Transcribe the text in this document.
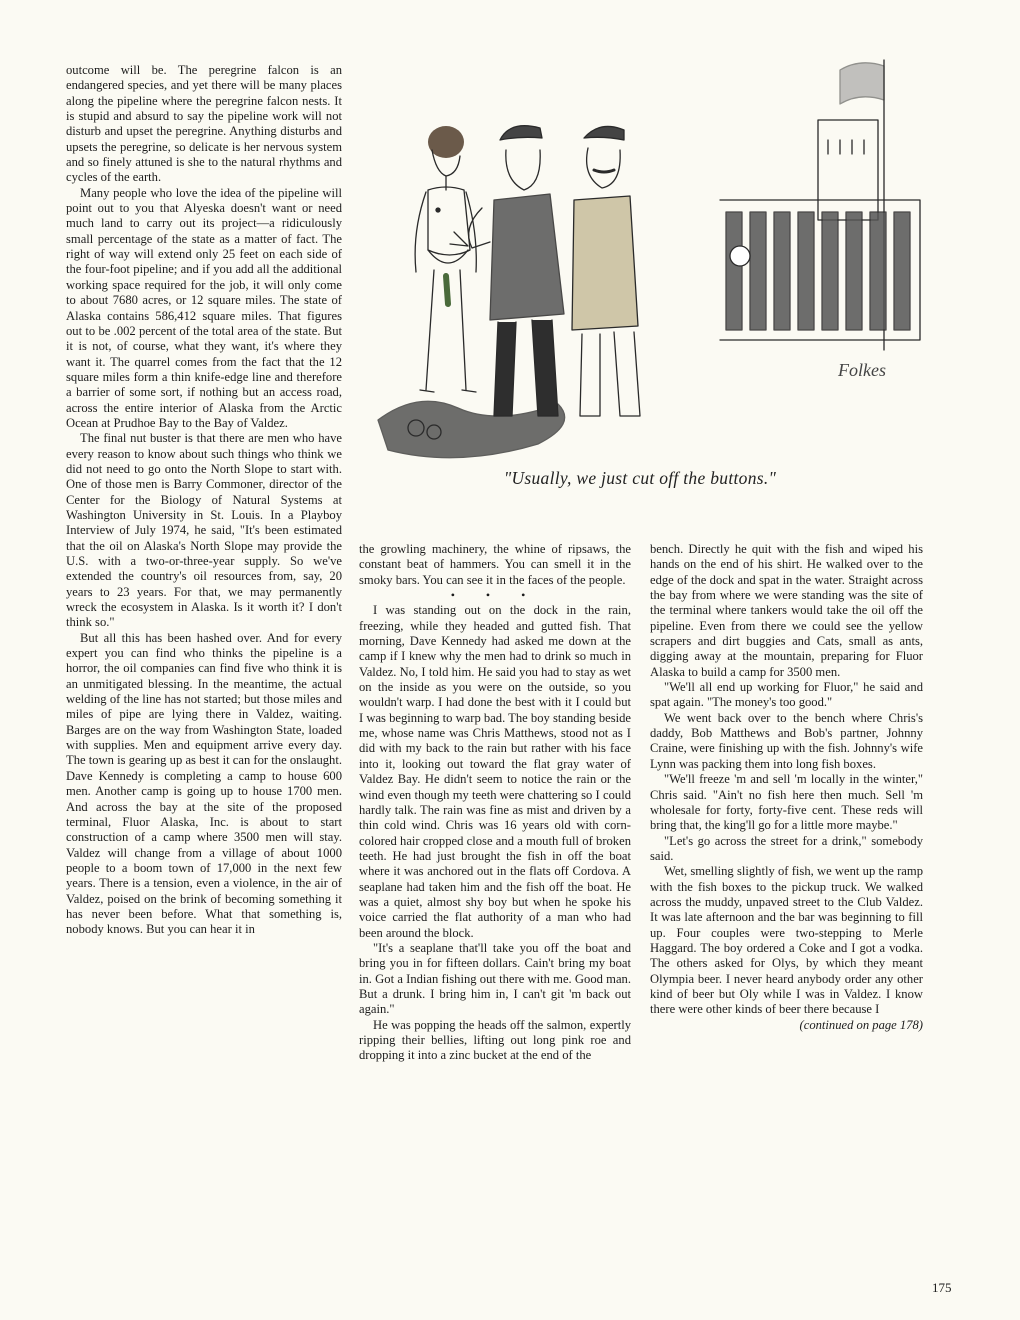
outcome will be. The peregrine falcon is an endangered species, and yet there will be many places along the pipeline where the peregrine falcon nests. It is stupid and absurd to say the pipeline work will not disturb and upset the peregrine. Anything disturbs and upsets the peregrine, so delicate is her nervous system and so finely attuned is she to the natural rhythms and cycles of the earth.

Many people who love the idea of the pipeline will point out to you that Alyeska doesn't want or need much land to carry out its project—a ridiculously small percentage of the state as a matter of fact. The right of way will extend only 25 feet on each side of the four-foot pipeline; and if you add all the additional working space required for the job, it will only come to about 7680 acres, or 12 square miles. The state of Alaska contains 586,412 square miles. That figures out to be .002 percent of the total area of the state. But it is not, of course, what they want, it's where they want it. The quarrel comes from the fact that the 12 square miles form a thin knife-edge line and therefore a barrier of some sort, if nothing but an access road, across the entire interior of Alaska from the Arctic Ocean at Prudhoe Bay to the Bay of Valdez.

The final nut buster is that there are men who have every reason to know about such things who think we did not need to go onto the North Slope to start with. One of those men is Barry Commoner, director of the Center for the Biology of Natural Systems at Washington University in St. Louis. In a Playboy Interview of July 1974, he said, "It's been estimated that the oil on Alaska's North Slope may provide the U.S. with a two-or-three-year supply. So we've extended the country's oil resources from, say, 20 years to 23 years. For that, we may permanently wreck the ecosystem in Alaska. Is it worth it? I don't think so."

But all this has been hashed over. And for every expert you can find who thinks the pipeline is a horror, the oil companies can find five who think it is an unmitigated blessing. In the meantime, the actual welding of the line has not started; but those miles and miles of pipe are lying there in Valdez, waiting. Barges are on the way from Washington State, loaded with supplies. Men and equipment arrive every day. The town is gearing up as best it can for the onslaught. Dave Kennedy is completing a camp to house 600 men. Another camp is going up to house 1700 men. And across the bay at the site of the proposed terminal, Fluor Alaska, Inc. is about to start construction of a camp where 3500 men will stay. Valdez will change from a village of about 1000 people to a boom town of 17,000 in the next few years. There is a tension, even a violence, in the air of Valdez, poised on the brink of becoming something it has never been before. What that something is, nobody knows. But you can hear it in

Folkes
"Usually, we just cut off the buttons."

the growling machinery, the whine of ripsaws, the constant beat of hammers. You can smell it in the smoky bars. You can see it in the faces of the people.

• • •

I was standing out on the dock in the rain, freezing, while they headed and gutted fish. That morning, Dave Kennedy had asked me down at the camp if I knew why the men had to drink so much in Valdez. No, I told him. He said you had to stay as wet on the inside as you were on the outside, so you wouldn't warp. I had done the best with it I could but I was beginning to warp bad. The boy standing beside me, whose name was Chris Matthews, stood not as I did with my back to the rain but rather with his face into it, looking out toward the flat gray water of Valdez Bay. He didn't seem to notice the rain or the wind even though my teeth were chattering so I could hardly talk. The rain was fine as mist and driven by a thin cold wind. Chris was 16 years old with corn-colored hair cropped close and a mouth full of broken teeth. He had just brought the fish in off the boat where it was anchored out in the flats off Cordova. A seaplane had taken him and the fish off the boat. He was a quiet, almost shy boy but when he spoke his voice carried the flat authority of a man who had been around the block.

"It's a seaplane that'll take you off the boat and bring you in for fifteen dollars. Cain't bring my boat in. Got a Indian fishing out there with me. Good man. But a drunk. I bring him in, I can't git 'm back out again."

He was popping the heads off the salmon, expertly ripping their bellies, lifting out long pink roe and dropping it into a zinc bucket at the end of the

bench. Directly he quit with the fish and wiped his hands on the end of his shirt. He walked over to the edge of the dock and spat in the water. Straight across the bay from where we were standing was the site of the terminal where tankers would take the oil off the pipeline. Even from there we could see the yellow scrapers and dirt buggies and Cats, small as ants, digging away at the mountain, preparing for Fluor Alaska to build a camp for 3500 men.

"We'll all end up working for Fluor," he said and spat again. "The money's too good."

We went back over to the bench where Chris's daddy, Bob Matthews and Bob's partner, Johnny Craine, were finishing up with the fish. Johnny's wife Lynn was packing them into long fish boxes.

"We'll freeze 'm and sell 'm locally in the winter," Chris said. "Ain't no fish here then much. Sell 'm wholesale for forty, forty-five cent. These reds will bring that, the king'll go for a little more maybe."

"Let's go across the street for a drink," somebody said.

Wet, smelling slightly of fish, we went up the ramp with the fish boxes to the pickup truck. We walked across the muddy, unpaved street to the Club Valdez. It was late afternoon and the bar was beginning to fill up. Four couples were two-stepping to Merle Haggard. The boy ordered a Coke and I got a vodka. The others asked for Olys, by which they meant Olympia beer. I never heard anybody order any other kind of beer but Oly while I was in Valdez. I know there were other kinds of beer there because I

(continued on page 178)

175
